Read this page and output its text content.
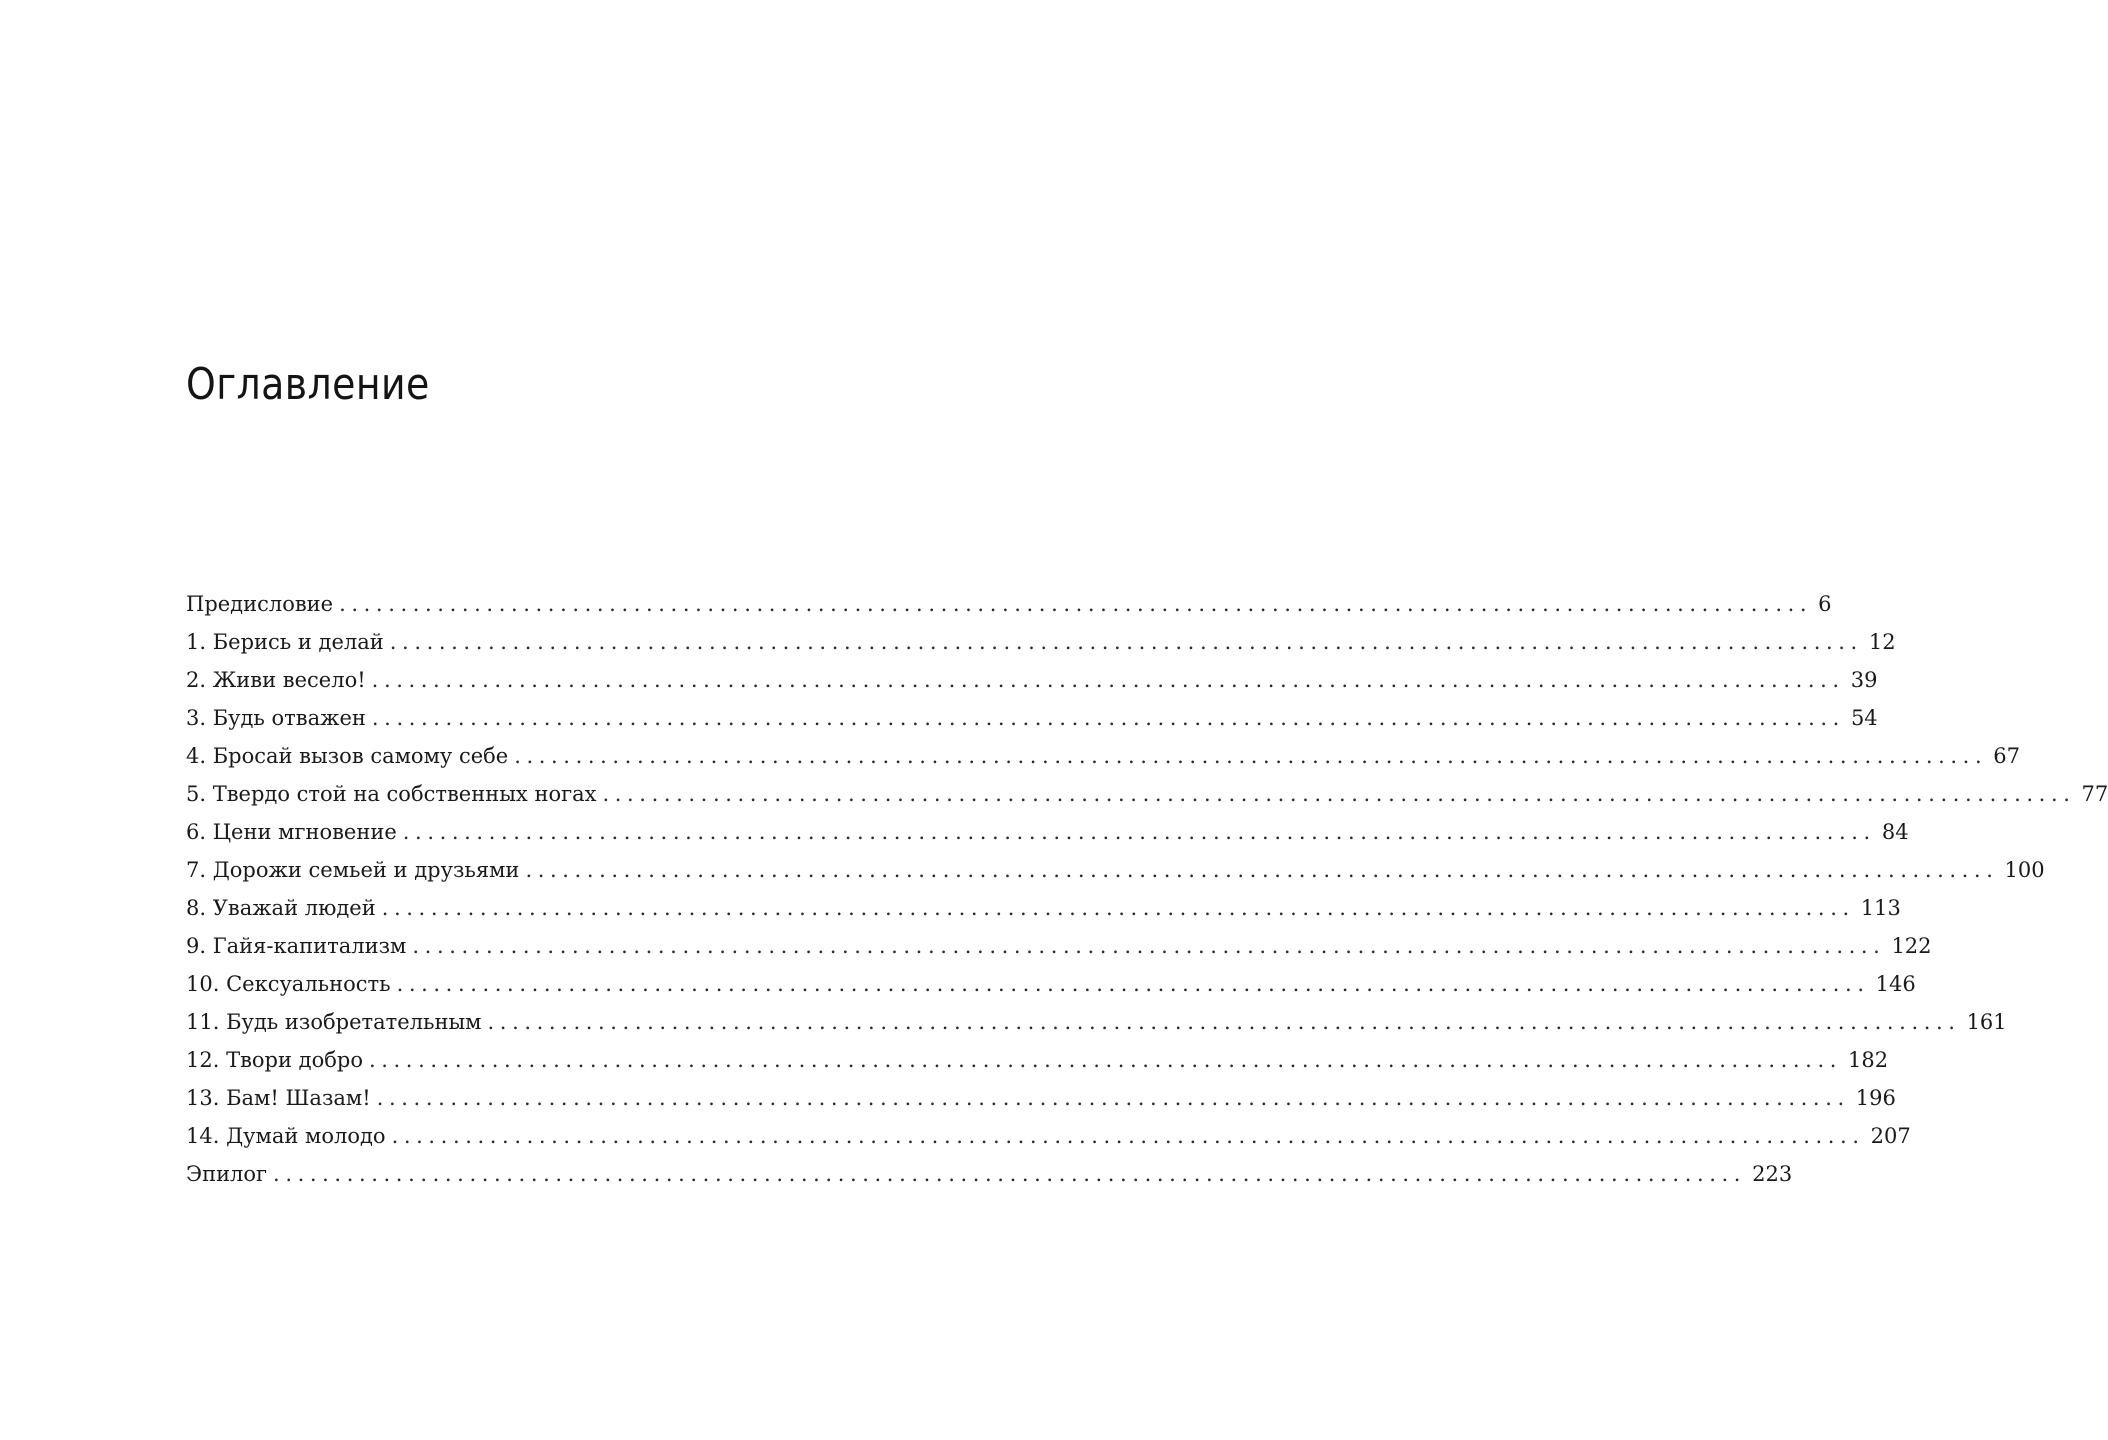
Оглавление
Предисловие ........................................................................................................................ 6
1. Берись и делай ........................................................................................................................ 12
2. Живи весело! ........................................................................................................................ 39
3. Будь отважен ........................................................................................................................ 54
4. Бросай вызов самому себе ........................................................................................................................ 67
5. Твердо стой на собственных ногах ........................................................................................................................ 77
6. Цени мгновение ........................................................................................................................ 84
7. Дорожи семьей и друзьями ........................................................................................................................ 100
8. Уважай людей ........................................................................................................................ 113
9. Гайя-капитализм ........................................................................................................................ 122
10. Сексуальность ........................................................................................................................ 146
11. Будь изобретательным ........................................................................................................................ 161
12. Твори добро ........................................................................................................................ 182
13. Бам! Шазам! ........................................................................................................................ 196
14. Думай молодо ........................................................................................................................ 207
Эпилог ........................................................................................................................ 223
